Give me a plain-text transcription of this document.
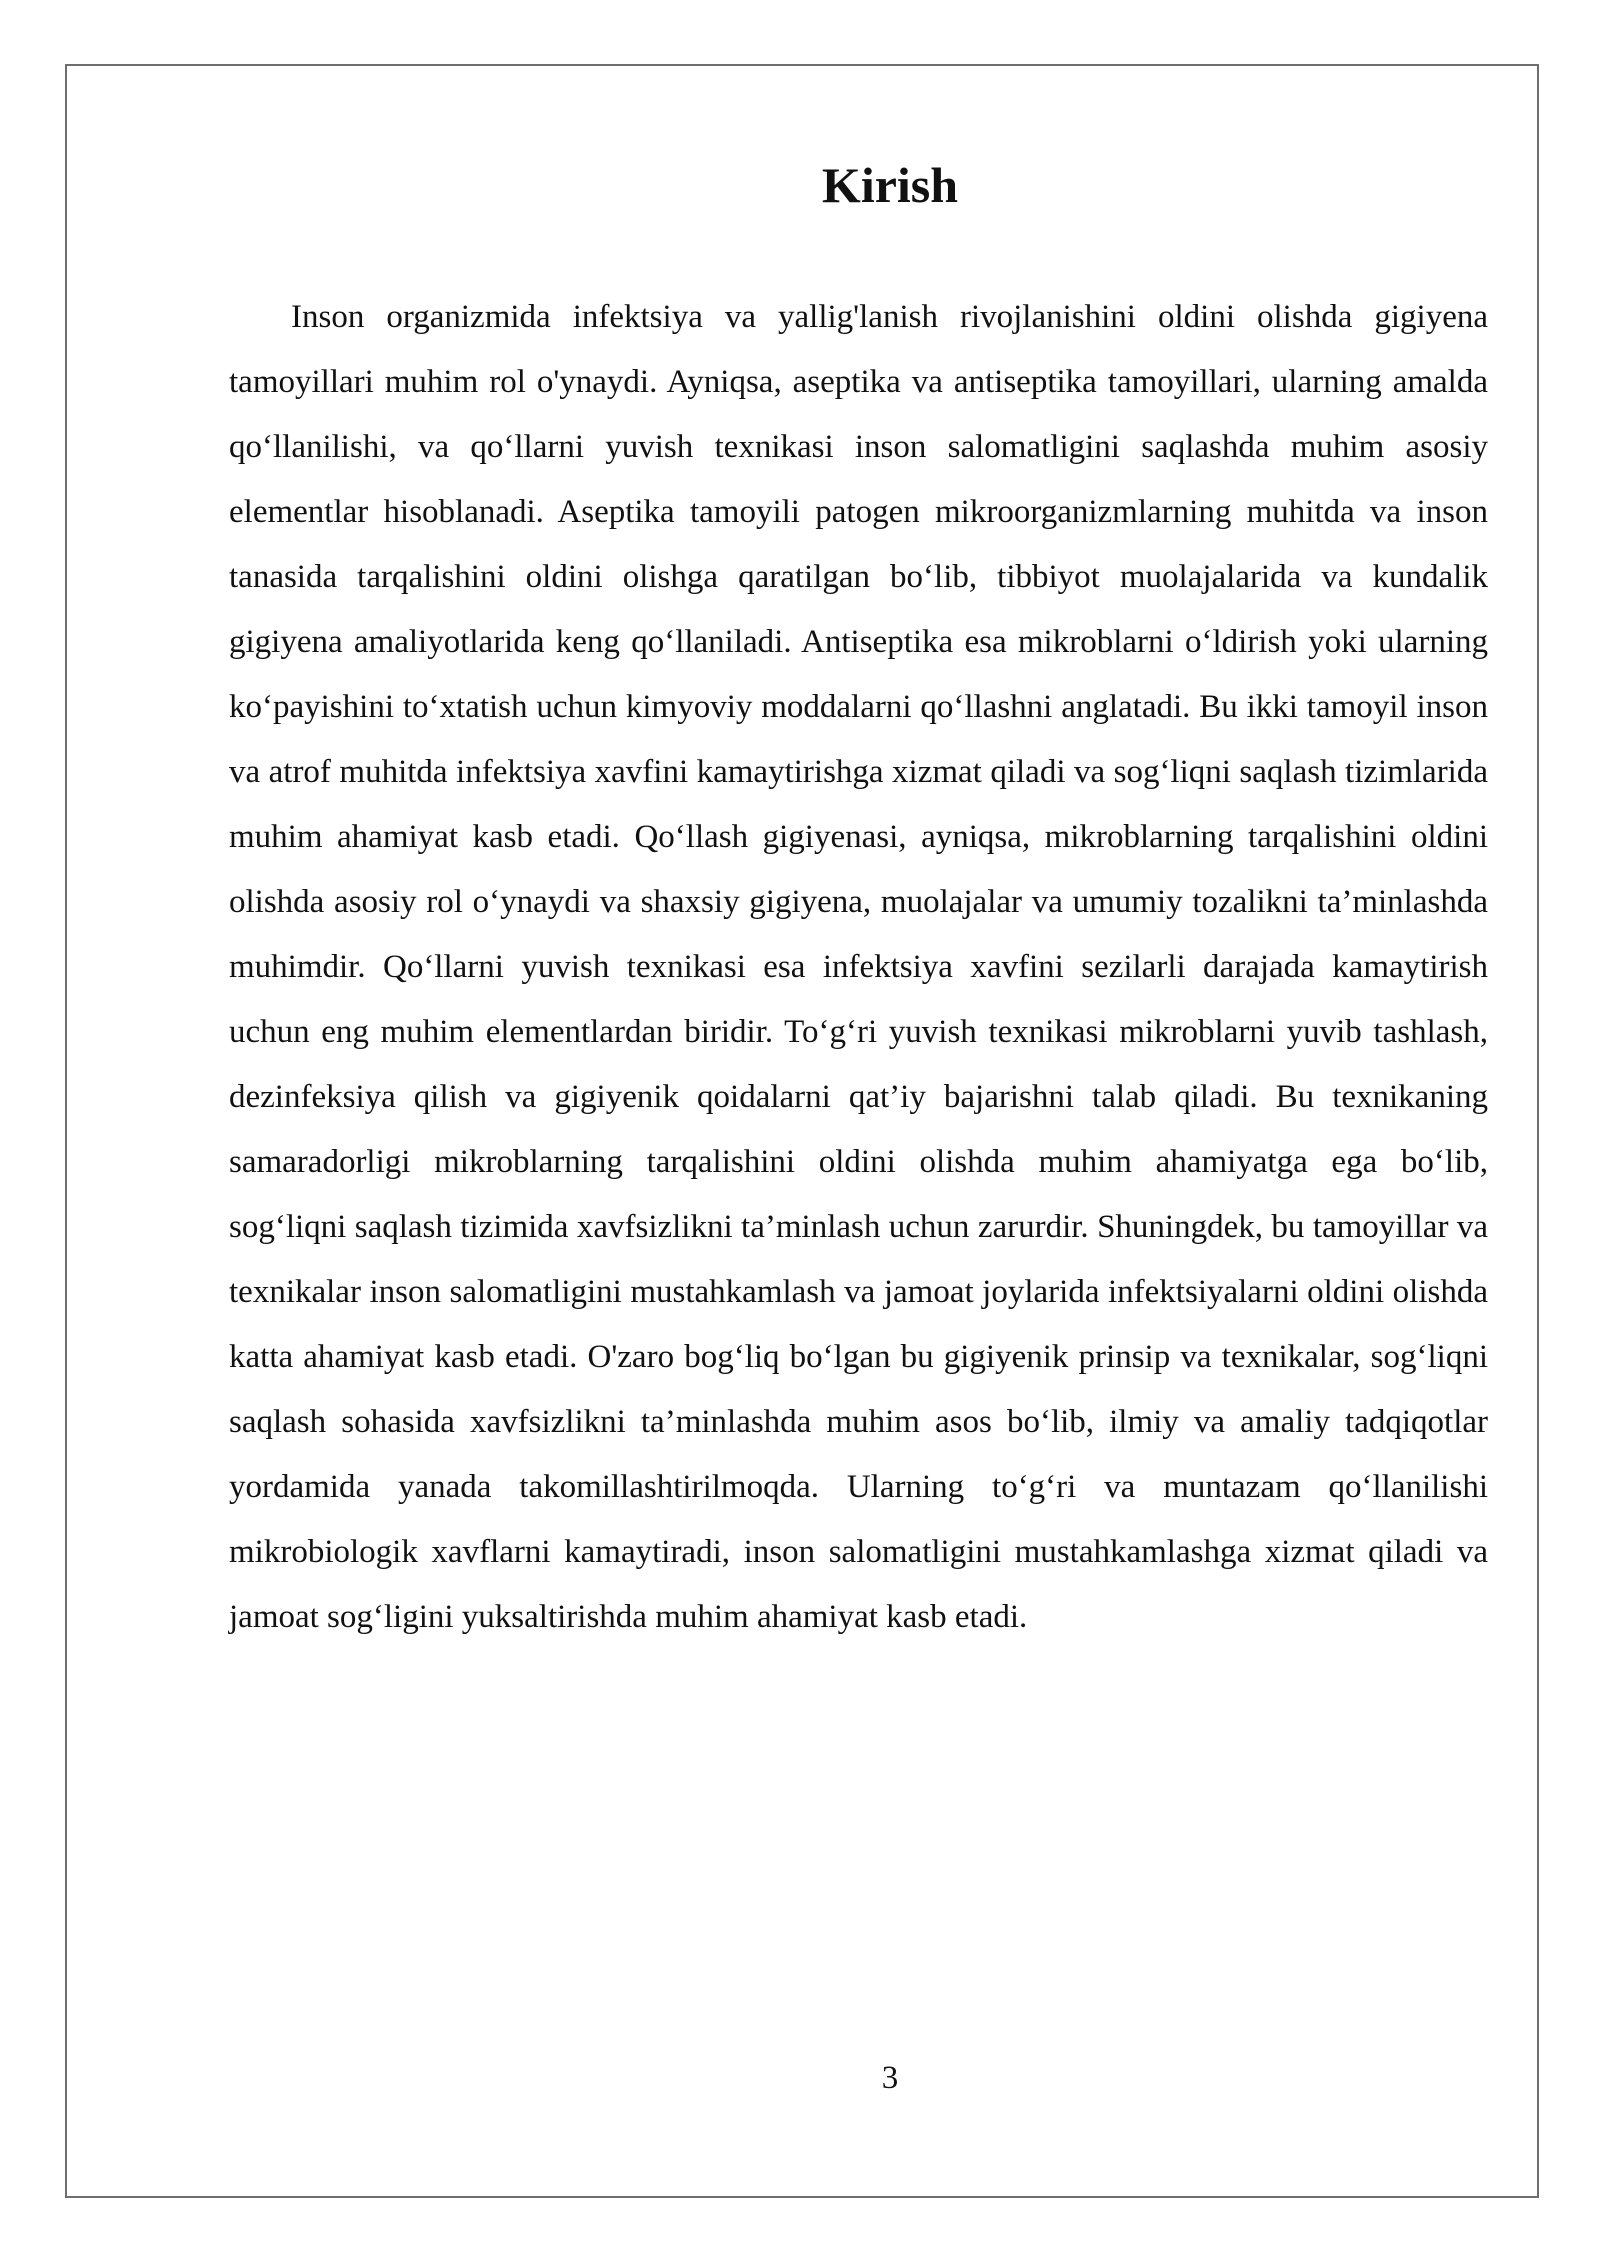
Kirish

Inson organizmida infektsiya va yallig'lanish rivojlanishini oldini olishda gigiyena tamoyillari muhim rol o'ynaydi. Ayniqsa, aseptika va antiseptika tamoyillari, ularning amalda qo‘llanilishi, va qo‘llarni yuvish texnikasi inson salomatligini saqlashda muhim asosiy elementlar hisoblanadi. Aseptika tamoyili patogen mikroorganizmlarning muhitda va inson tanasida tarqalishini oldini olishga qaratilgan bo‘lib, tibbiyot muolajalarida va kundalik gigiyena amaliyotlarida keng qo‘llaniladi. Antiseptika esa mikroblarni o‘ldirish yoki ularning ko‘payishini to‘xtatish uchun kimyoviy moddalarni qo‘llashni anglatadi. Bu ikki tamoyil inson va atrof muhitda infektsiya xavfini kamaytirishga xizmat qiladi va sog‘liqni saqlash tizimlarida muhim ahamiyat kasb etadi. Qo‘llash gigiyenasi, ayniqsa, mikroblarning tarqalishini oldini olishda asosiy rol o‘ynaydi va shaxsiy gigiyena, muolajalar va umumiy tozalikni ta’minlashda muhimdir. Qo‘llarni yuvish texnikasi esa infektsiya xavfini sezilarli darajada kamaytirish uchun eng muhim elementlardan biridir. To‘g‘ri yuvish texnikasi mikroblarni yuvib tashlash, dezinfeksiya qilish va gigiyenik qoidalarni qat’iy bajarishni talab qiladi. Bu texnikaning samaradorligi mikroblarning tarqalishini oldini olishda muhim ahamiyatga ega bo‘lib, sog‘liqni saqlash tizimida xavfsizlikni ta’minlash uchun zarurdir. Shuningdek, bu tamoyillar va texnikalar inson salomatligini mustahkamlash va jamoat joylarida infektsiyalarni oldini olishda katta ahamiyat kasb etadi. O'zaro bog‘liq bo‘lgan bu gigiyenik prinsip va texnikalar, sog‘liqni saqlash sohasida xavfsizlikni ta’minlashda muhim asos bo‘lib, ilmiy va amaliy tadqiqotlar yordamida yanada takomillashtirilmoqda. Ularning to‘g‘ri va muntazam qo‘llanilishi mikrobiologik xavflarni kamaytiradi, inson salomatligini mustahkamlashga xizmat qiladi va jamoat sog‘ligini yuksaltirishda muhim ahamiyat kasb etadi.

3
